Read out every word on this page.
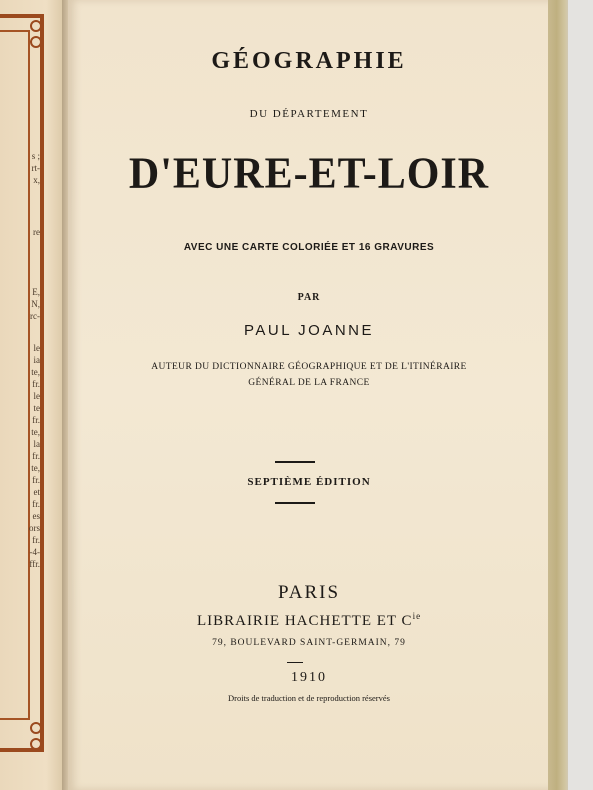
s ;
rt-
x,
re
E,
N,
rc-
le
ia
te,
fr.
le
te
fr.
te,
la
fr.
te,
fr.
et
fr.
es
ors
fr.
-4-
ffr.
GÉOGRAPHIE
DU DÉPARTEMENT
D'EURE-ET-LOIR
AVEC UNE CARTE COLORIÉE ET 16 GRAVURES
PAR
PAUL JOANNE
AUTEUR DU DICTIONNAIRE GÉOGRAPHIQUE ET DE L'ITINÉRAIRE
GÉNÉRAL DE LA FRANCE
SEPTIÈME ÉDITION
PARIS
LIBRAIRIE HACHETTE ET $C^{ie}$
79, BOULEVARD SAINT-GERMAIN, 79
1910
Droits de traduction et de reproduction réservés
